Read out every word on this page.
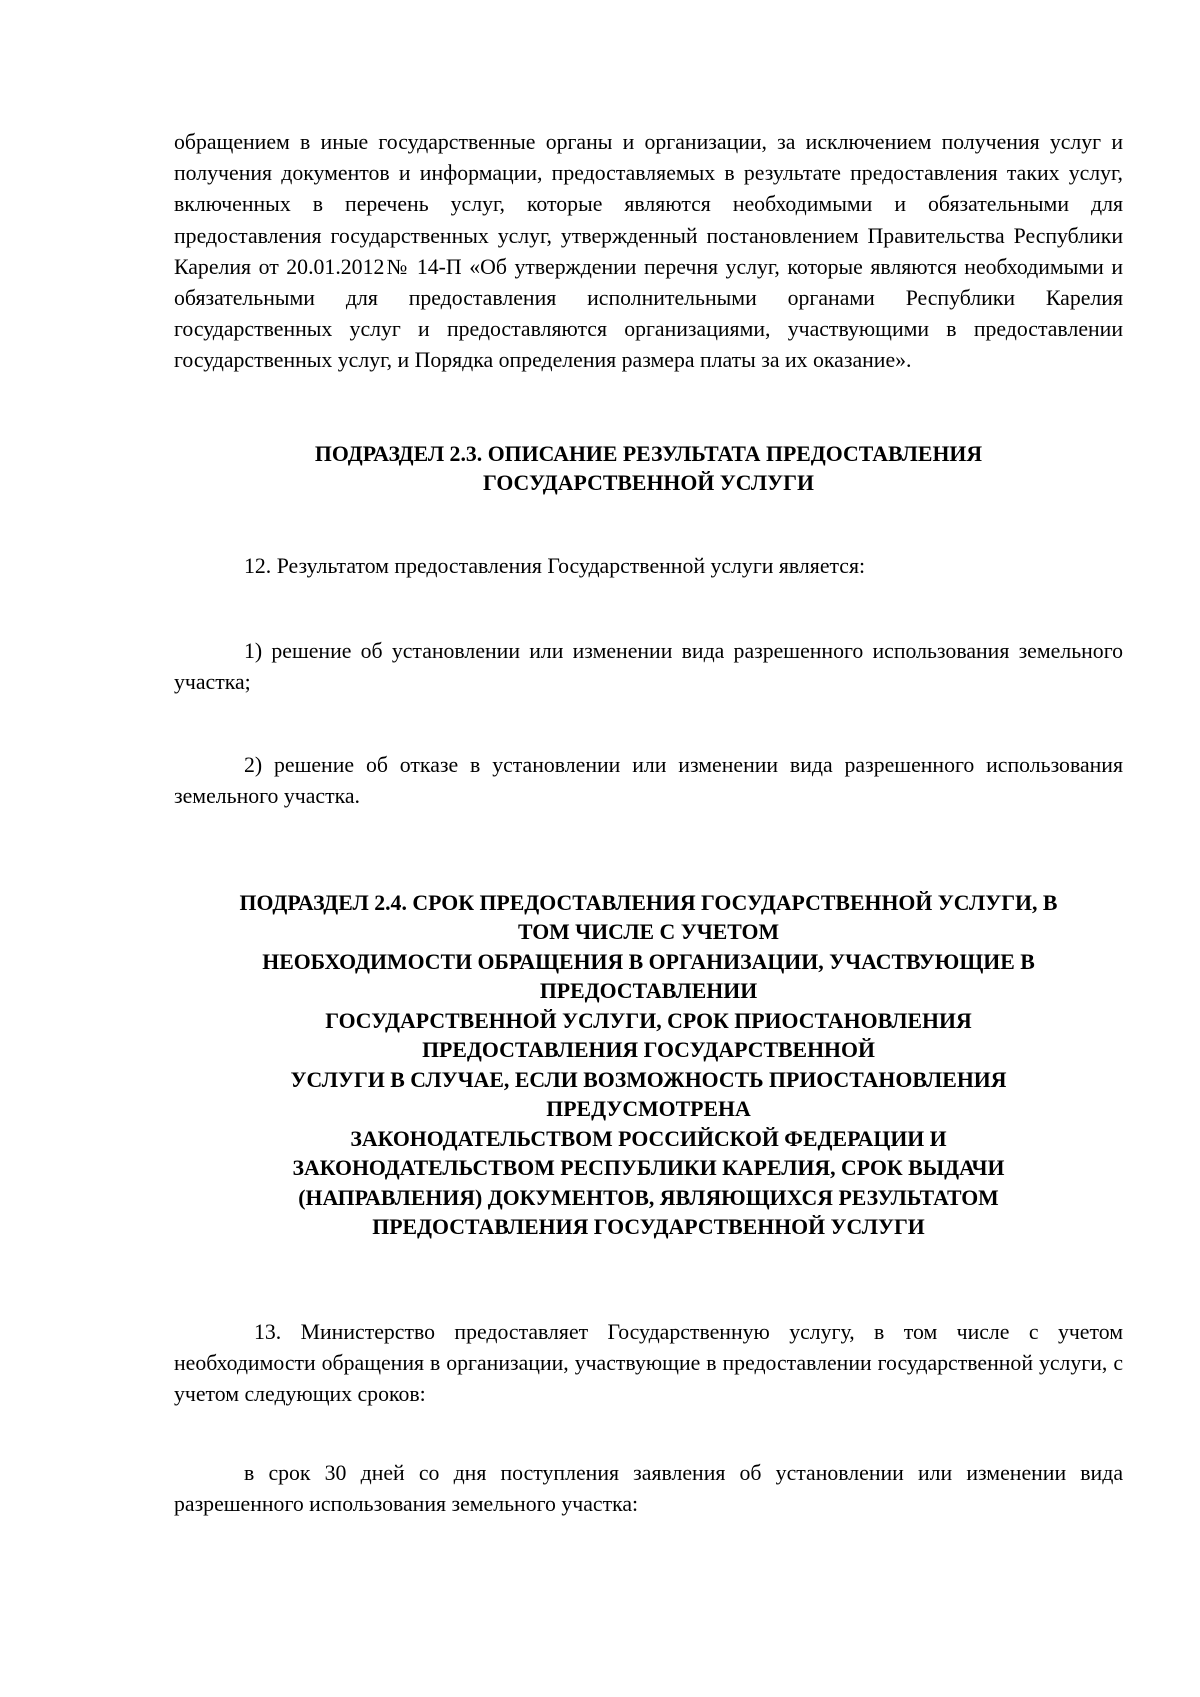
обращением в иные государственные органы и организации, за исключением получения услуг и получения документов и информации, предоставляемых в результате предоставления таких услуг, включенных в перечень услуг, которые являются необходимыми и обязательными для предоставления государственных услуг, утвержденный постановлением Правительства Республики Карелия от 20.01.2012№ 14-П «Об утверждении перечня услуг, которые являются необходимыми и обязательными для предоставления исполнительными органами Республики Карелия государственных услуг и предоставляются организациями, участвующими в предоставлении государственных услуг, и Порядка определения размера платы за их оказание».

ПОДРАЗДЕЛ 2.3. ОПИСАНИЕ РЕЗУЛЬТАТА ПРЕДОСТАВЛЕНИЯ
ГОСУДАРСТВЕННОЙ УСЛУГИ

12. Результатом предоставления Государственной услуги является:

1) решение об установлении или изменении вида разрешенного использования земельного участка;

2) решение об отказе в установлении или изменении вида разрешенного использования земельного участка.

ПОДРАЗДЕЛ 2.4. СРОК ПРЕДОСТАВЛЕНИЯ ГОСУДАРСТВЕННОЙ УСЛУГИ, В
ТОМ ЧИСЛЕ С УЧЕТОМ
НЕОБХОДИМОСТИ ОБРАЩЕНИЯ В ОРГАНИЗАЦИИ, УЧАСТВУЮЩИЕ В
ПРЕДОСТАВЛЕНИИ
ГОСУДАРСТВЕННОЙ УСЛУГИ, СРОК ПРИОСТАНОВЛЕНИЯ
ПРЕДОСТАВЛЕНИЯ ГОСУДАРСТВЕННОЙ
УСЛУГИ В СЛУЧАЕ, ЕСЛИ ВОЗМОЖНОСТЬ ПРИОСТАНОВЛЕНИЯ
ПРЕДУСМОТРЕНА
ЗАКОНОДАТЕЛЬСТВОМ РОССИЙСКОЙ ФЕДЕРАЦИИ И
ЗАКОНОДАТЕЛЬСТВОМ РЕСПУБЛИКИ КАРЕЛИЯ, СРОК ВЫДАЧИ
(НАПРАВЛЕНИЯ) ДОКУМЕНТОВ, ЯВЛЯЮЩИХСЯ РЕЗУЛЬТАТОМ
ПРЕДОСТАВЛЕНИЯ ГОСУДАРСТВЕННОЙ УСЛУГИ

13. Министерство предоставляет Государственную услугу, в том числе с учетом необходимости обращения в организации, участвующие в предоставлении государственной услуги, с учетом следующих сроков:

в срок 30 дней со дня поступления заявления об установлении или изменении вида разрешенного использования земельного участка:
